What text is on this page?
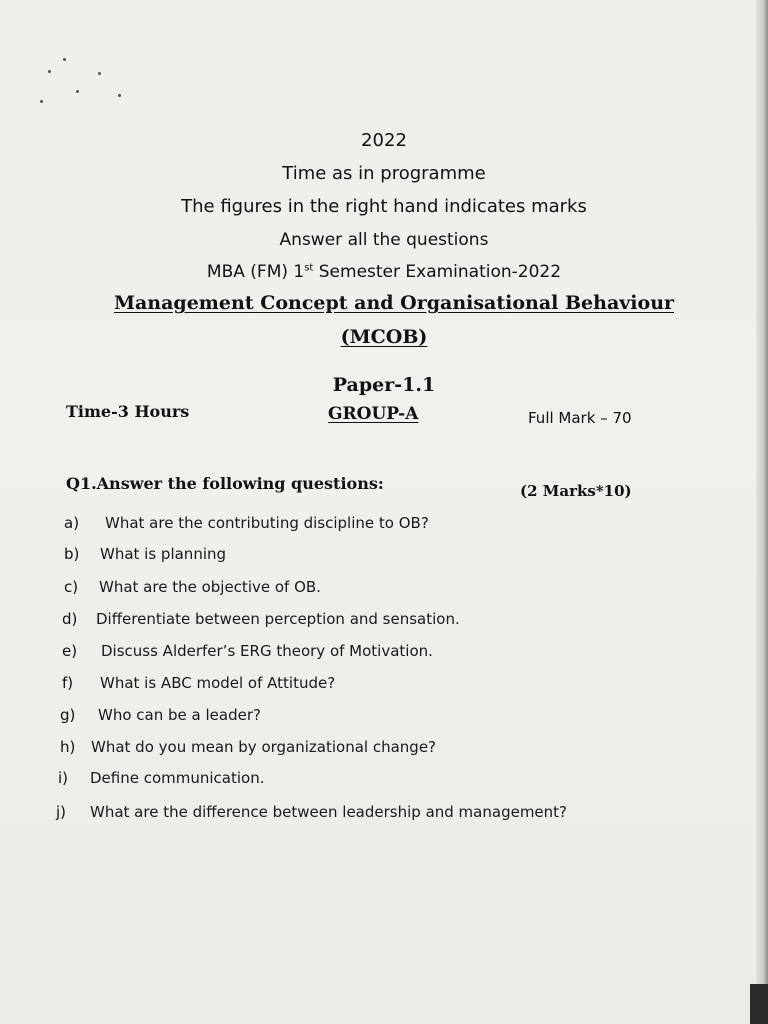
2022
Time as in programme
The figures in the right hand indicates marks
Answer all the questions
MBA (FM) 1st Semester Examination-2022
Management Concept and Organisational Behaviour
(MCOB)
Paper-1.1
Time-3 Hours	GROUP-A	Full Mark – 70
Q1.Answer the following questions:	(2 Marks*10)
a) What are the contributing discipline to OB?
b) What is planning
c) What are the objective of OB.
d) Differentiate between perception and sensation.
e) Discuss Alderfer’s ERG theory of Motivation.
f) What is ABC model of Attitude?
g) Who can be a leader?
h) What do you mean by organizational change?
i) Define communication.
j) What are the difference between leadership and management?
